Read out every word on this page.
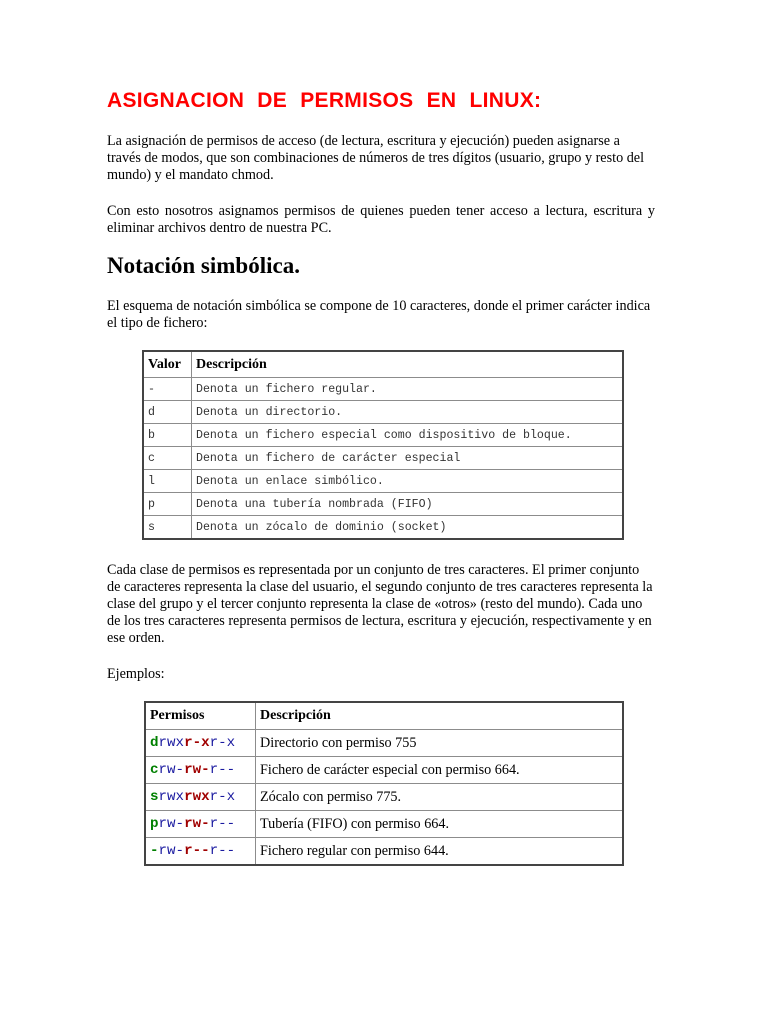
ASIGNACION DE PERMISOS EN LINUX:

La asignación de permisos de acceso (de lectura, escritura y ejecución) pueden asignarse a través de modos, que son combinaciones de números de tres dígitos (usuario, grupo y resto del mundo) y el mandato chmod.

Con esto nosotros asignamos permisos de quienes pueden tener acceso a lectura, escritura y eliminar archivos dentro de nuestra PC.

Notación simbólica.

El esquema de notación simbólica se compone de 10 caracteres, donde el primer carácter indica el tipo de fichero:

Valor	Descripción
-	Denota un fichero regular.
d	Denota un directorio.
b	Denota un fichero especial como dispositivo de bloque.
c	Denota un fichero de carácter especial
l	Denota un enlace simbólico.
p	Denota una tubería nombrada (FIFO)
s	Denota un zócalo de dominio (socket)

Cada clase de permisos es representada por un conjunto de tres caracteres. El primer conjunto de caracteres representa la clase del usuario, el segundo conjunto de tres caracteres representa la clase del grupo y el tercer conjunto representa la clase de «otros» (resto del mundo). Cada uno de los tres caracteres representa permisos de lectura, escritura y ejecución, respectivamente y en ese orden.

Ejemplos:

Permisos	Descripción
drwxr-xr-x	Directorio con permiso 755
crw-rw-r--	Fichero de carácter especial con permiso 664.
srwxrwxr-x	Zócalo con permiso 775.
prw-rw-r--	Tubería (FIFO) con permiso 664.
-rw-r--r--	Fichero regular con permiso 644.
